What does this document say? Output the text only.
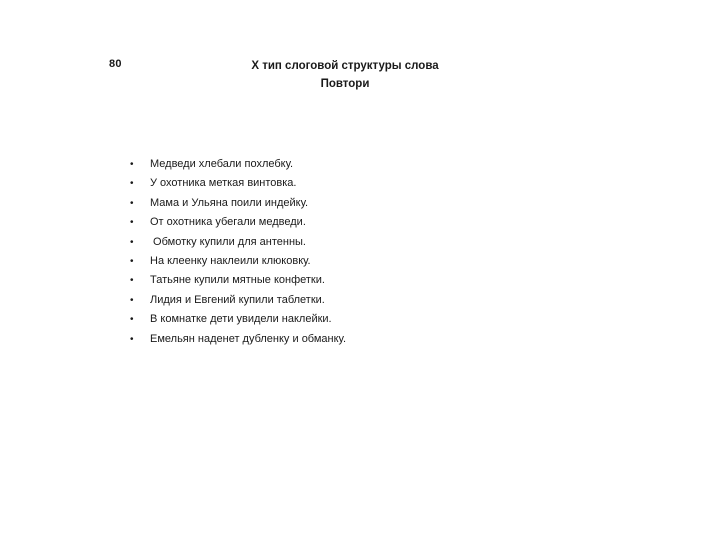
80	X тип слоговой структуры слова
Повтори
• Медведи хлебали похлебку.
• У охотника меткая винтовка.
• Мама и Ульяна поили индейку.
• От охотника убегали медведи.
• Обмотку купили для антенны.
• На клеенку наклеили клюковку.
• Татьяне купили мятные конфетки.
• Лидия и Евгений купили таблетки.
• В комнатке дети увидели наклейки.
• Емельян наденет дубленку и обманку.
